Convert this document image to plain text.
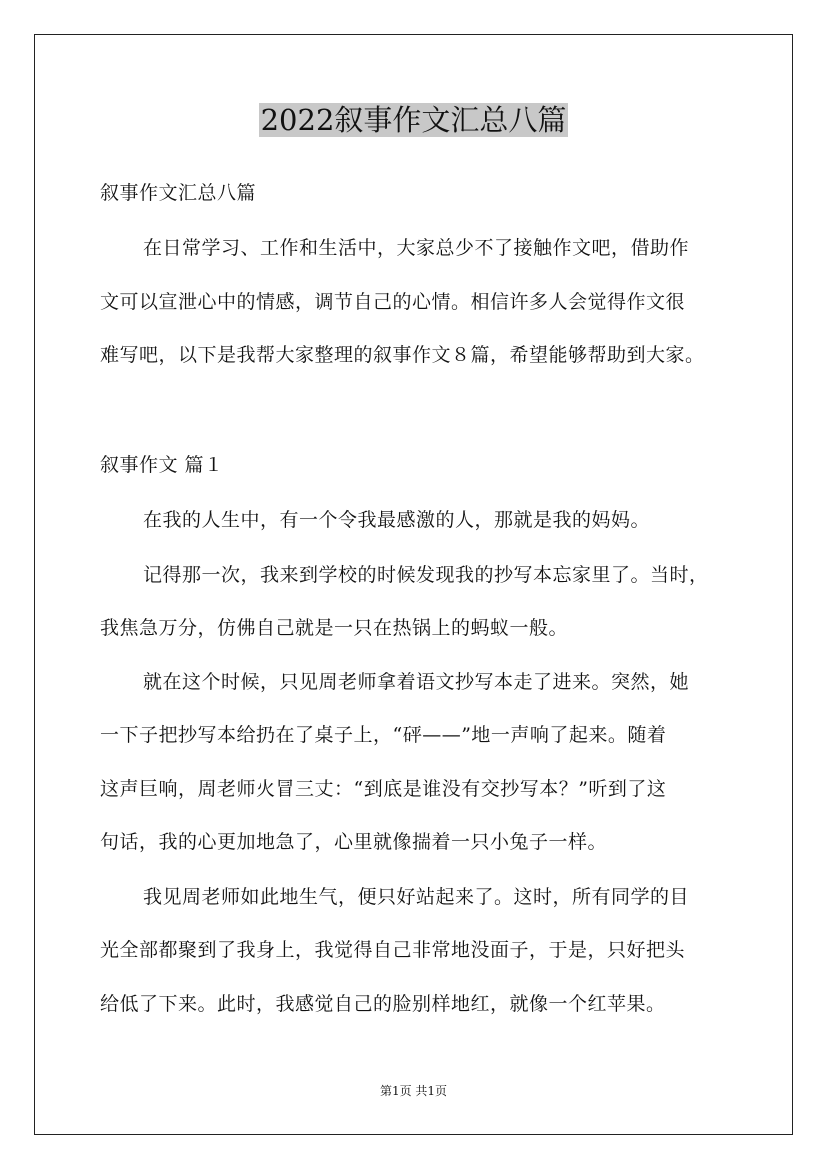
2022叙事作文汇总八篇

叙事作文汇总八篇

在日常学习、工作和生活中，大家总少不了接触作文吧，借助作

文可以宣泄心中的情感，调节自己的心情。相信许多人会觉得作文很

难写吧，以下是我帮大家整理的叙事作文８篇，希望能够帮助到大家。

叙事作文 篇１

在我的人生中，有一个令我最感激的人，那就是我的妈妈。

记得那一次，我来到学校的时候发现我的抄写本忘家里了。当时，

我焦急万分，仿佛自己就是一只在热锅上的蚂蚁一般。

就在这个时候，只见周老师拿着语文抄写本走了进来。突然，她

一下子把抄写本给扔在了桌子上，“砰——”地一声响了起来。随着

这声巨响，周老师火冒三丈：“到底是谁没有交抄写本？”听到了这

句话，我的心更加地急了，心里就像揣着一只小兔子一样。

我见周老师如此地生气，便只好站起来了。这时，所有同学的目

光全部都聚到了我身上，我觉得自己非常地没面子，于是，只好把头

给低了下来。此时，我感觉自己的脸别样地红，就像一个红苹果。

第1页 共1页
